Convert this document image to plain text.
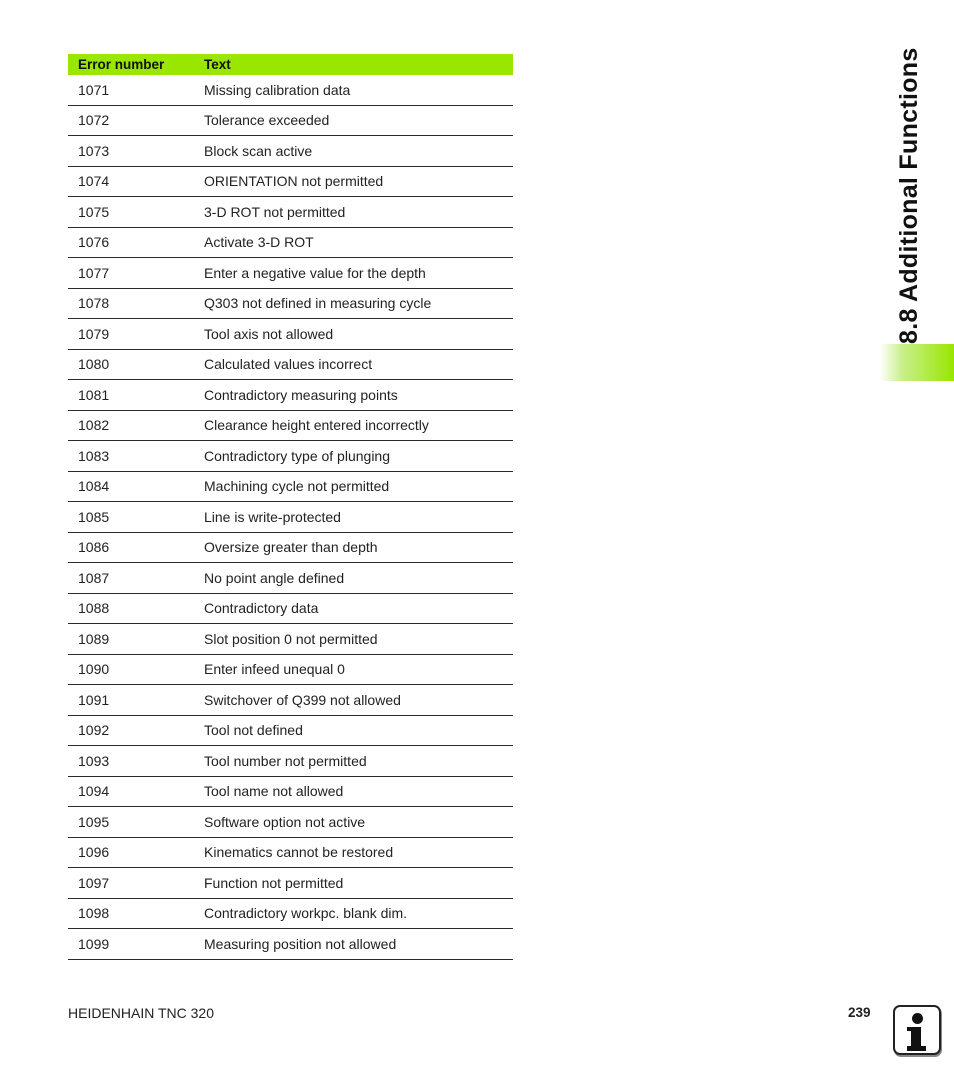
Error number	Text
1071	Missing calibration data
1072	Tolerance exceeded
1073	Block scan active
1074	ORIENTATION not permitted
1075	3-D ROT not permitted
1076	Activate 3-D ROT
1077	Enter a negative value for the depth
1078	Q303 not defined in measuring cycle
1079	Tool axis not allowed
1080	Calculated values incorrect
1081	Contradictory measuring points
1082	Clearance height entered incorrectly
1083	Contradictory type of plunging
1084	Machining cycle not permitted
1085	Line is write-protected
1086	Oversize greater than depth
1087	No point angle defined
1088	Contradictory data
1089	Slot position 0 not permitted
1090	Enter infeed unequal 0
1091	Switchover of Q399 not allowed
1092	Tool not defined
1093	Tool number not permitted
1094	Tool name not allowed
1095	Software option not active
1096	Kinematics cannot be restored
1097	Function not permitted
1098	Contradictory workpc. blank dim.
1099	Measuring position not allowed
8.8 Additional Functions
HEIDENHAIN TNC 320	239
